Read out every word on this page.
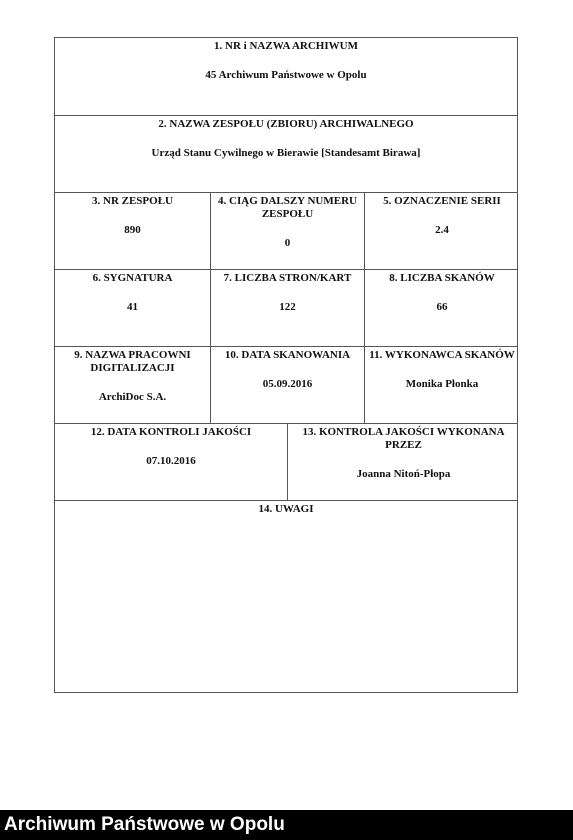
1. NR i NAZWA ARCHIWUM
45 Archiwum Państwowe w Opolu
2. NAZWA ZESPOŁU (ZBIORU) ARCHIWALNEGO
Urząd Stanu Cywilnego w Bierawie [Standesamt Birawa]
3. NR ZESPOŁU
890
4. CIĄG DALSZY NUMERU ZESPOŁU
0
5. OZNACZENIE SERII
2.4
6. SYGNATURA
41
7. LICZBA STRON/KART
122
8. LICZBA SKANÓW
66
9. NAZWA PRACOWNI DIGITALIZACJI
ArchiDoc S.A.
10. DATA SKANOWANIA
05.09.2016
11. WYKONAWCA SKANÓW
Monika Płonka
12. DATA KONTROLI JAKOŚCI
07.10.2016
13. KONTROLA JAKOŚCI WYKONANA PRZEZ
Joanna Nitoń-Płopa
14. UWAGI
Archiwum Państwowe w Opolu
